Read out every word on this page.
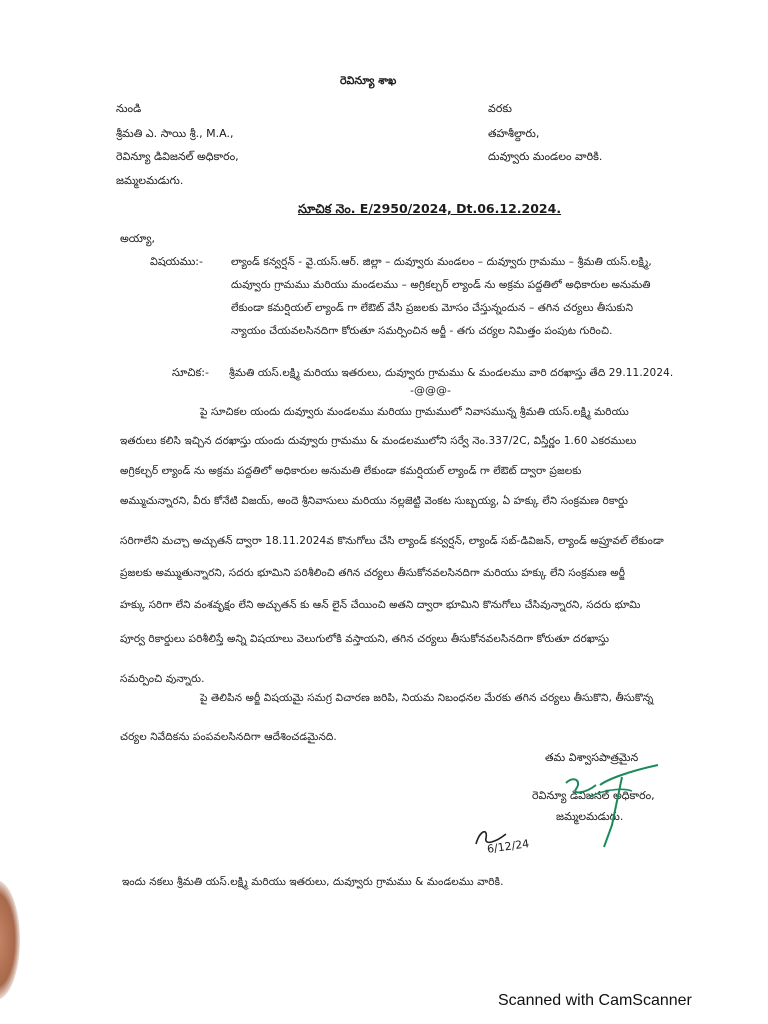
రెవిన్యూ శాఖ
నుండి
శ్రీమతి ఎ. సాయి శ్రీ., M.A.,
రెవిన్యూ డివిజనల్ అధికారం,
జమ్మలమడుగు.
వరకు
తహశీల్దారు,
దువ్వూరు మండలం వారికి.
సూచిక నెం. E/2950/2024, Dt.06.12.2024.
అయ్యా,
విషయము:-	ల్యాండ్ కన్వర్షన్ - వై.యస్.ఆర్. జిల్లా – దువ్వూరు మండలం – దువ్వూరు గ్రామము – శ్రీమతి యస్.లక్ష్మి,
దువ్వూరు గ్రామము మరియు మండలము – అగ్రికల్చర్ ల్యాండ్ ను అక్రమ పద్దతిలో అధికారుల అనుమతి
లేకుండా కమర్షియల్ ల్యాండ్ గా లేఔట్ వేసి ప్రజలకు మోసం చేస్తున్నందున – తగిన చర్యలు తీసుకుని
న్యాయం చేయవలసినదిగా కోరుతూ సమర్పించిన అర్జీ - తగు చర్యల నిమిత్తం పంపుట గురించి.
సూచిక:- శ్రీమతి యస్.లక్ష్మి మరియు ఇతరులు, దువ్వూరు గ్రామము & మండలము వారి దరఖాస్తు తేది 29.11.2024.
-@@@-
పై సూచికల యందు దువ్వూరు మండలము మరియు గ్రామములో నివాసమున్న శ్రీమతి యస్.లక్ష్మి మరియు
ఇతరులు కలిసి ఇచ్చిన దరఖాస్తు యందు దువ్వూరు గ్రామము & మండలములోని సర్వే నెం.337/2C, విస్తీర్ణం 1.60 ఎకరములు
అగ్రికల్చర్ ల్యాండ్ ను అక్రమ పద్దతిలో అధికారుల అనుమతి లేకుండా కమర్షియల్ ల్యాండ్ గా లేఔట్ ద్వారా ప్రజలకు
అమ్ముచున్నారని, వీరు కోనేటి విజయ్, అందె శ్రీనివాసులు మరియు నల్లజెట్టి వెంకట సుబ్బయ్య, ఏ హక్కు లేని సంక్రమణ రికార్డు
సరిగాలేని మచ్చా అచ్చుతన్ ద్వారా 18.11.2024వ కొనుగోలు చేసి ల్యాండ్ కన్వర్షన్, ల్యాండ్ సబ్-డివిజన్, ల్యాండ్ అప్రూవల్ లేకుండా
ప్రజలకు అమ్ముతున్నారని, సదరు భూమిని పరిశీలించి తగిన చర్యలు తీసుకోనవలసినదిగా మరియు హక్కు లేని సంక్రమణ అర్జీ
హక్కు సరిగా లేని వంశవృక్షం లేని అచ్చుతన్ కు ఆన్ లైన్ చేయించి అతని ద్వారా భూమిని కొనుగోలు చేసివున్నారని, సదరు భూమి
పూర్వ రికార్డులు పరిశీలిస్తే అన్ని విషయాలు వెలుగులోకి వస్తాయని, తగిన చర్యలు తీసుకోనవలసినదిగా కోరుతూ దరఖాస్తు
సమర్పించి వున్నారు.
పై తెలిపిన అర్జీ విషయమై సమగ్ర విచారణ జరిపి, నియమ నిబంధనల మేరకు తగిన చర్యలు తీసుకొని, తీసుకొన్న
చర్యల నివేదికను పంపవలసినదిగా ఆదేశించడమైనది.
తమ విశ్వాసపాత్రమైన
రెవిన్యూ డివిజనల్ అధికారం,
జమ్మలమడుగు.
6/12/24
ఇందు నకలు శ్రీమతి యస్.లక్ష్మి మరియు ఇతరులు, దువ్వూరు గ్రామము & మండలము వారికి.
Scanned with CamScanner
